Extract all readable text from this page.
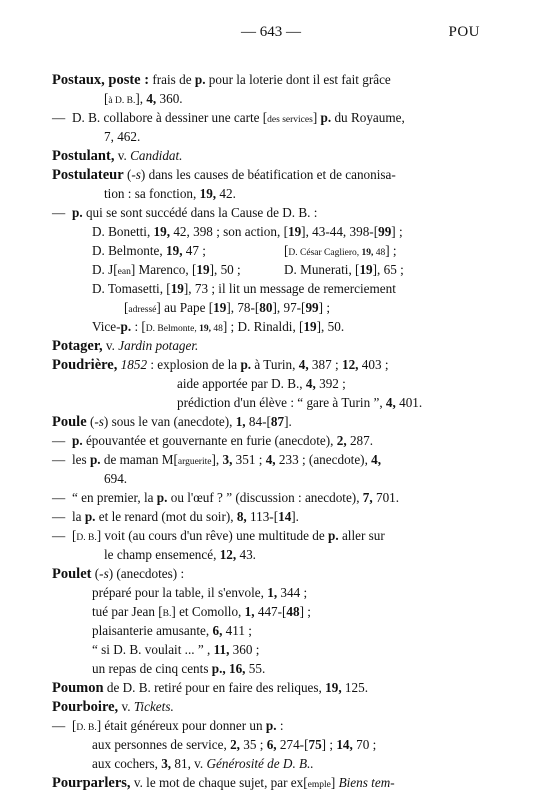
— 643 —	POU
Postaux, poste : frais de p. pour la loterie dont il est fait grâce
[à D. B.], 4, 360.
— D. B. collabore à dessiner une carte [des services] p. du Royaume,
7, 462.
Postulant, v. Candidat.
Postulateur (-s) dans les causes de béatification et de canonisa-
tion : sa fonction, 19, 42.
— p. qui se sont succédé dans la Cause de D. B. :
D. Bonetti, 19, 42, 398 ; son action, [19], 43-44, 398-[99] ;
D. Belmonte, 19, 47 ;	[D. César Cagliero, 19, 48] ;
D. J[ean] Marenco, [19], 50 ;	D. Munerati, [19], 65 ;
D. Tomasetti, [19], 73 ; il lit un message de remerciement
[adressé] au Pape [19], 78-[80], 97-[99] ;
Vice-p. : [D. Belmonte, 19, 48] ; D. Rinaldi, [19], 50.
Potager, v. Jardin potager.
Poudrière, 1852 : explosion de la p. à Turin, 4, 387 ; 12, 403 ;
aide apportée par D. B., 4, 392 ;
prédiction d'un élève : “ gare à Turin ”, 4, 401.
Poule (-s) sous le van (anecdote), 1, 84-[87].
— p. épouvantée et gouvernante en furie (anecdote), 2, 287.
— les p. de maman M[arguerite], 3, 351 ; 4, 233 ; (anecdote), 4,
694.
— “ en premier, la p. ou l'œuf ? ” (discussion : anecdote), 7, 701.
— la p. et le renard (mot du soir), 8, 113-[14].
— [D. B.] voit (au cours d'un rêve) une multitude de p. aller sur
le champ ensemencé, 12, 43.
Poulet (-s) (anecdotes) :
préparé pour la table, il s'envole, 1, 344 ;
tué par Jean [B.] et Comollo, 1, 447-[48] ;
plaisanterie amusante, 6, 411 ;
“ si D. B. voulait ... ” , 11, 360 ;
un repas de cinq cents p., 16, 55.
Poumon de D. B. retiré pour en faire des reliques, 19, 125.
Pourboire, v. Tickets.
— [D. B.] était généreux pour donner un p. :
aux personnes de service, 2, 35 ; 6, 274-[75] ; 14, 70 ;
aux cochers, 3, 81, v. Générosité de D. B..
Pourparlers, v. le mot de chaque sujet, par ex[emple] Biens tem-
